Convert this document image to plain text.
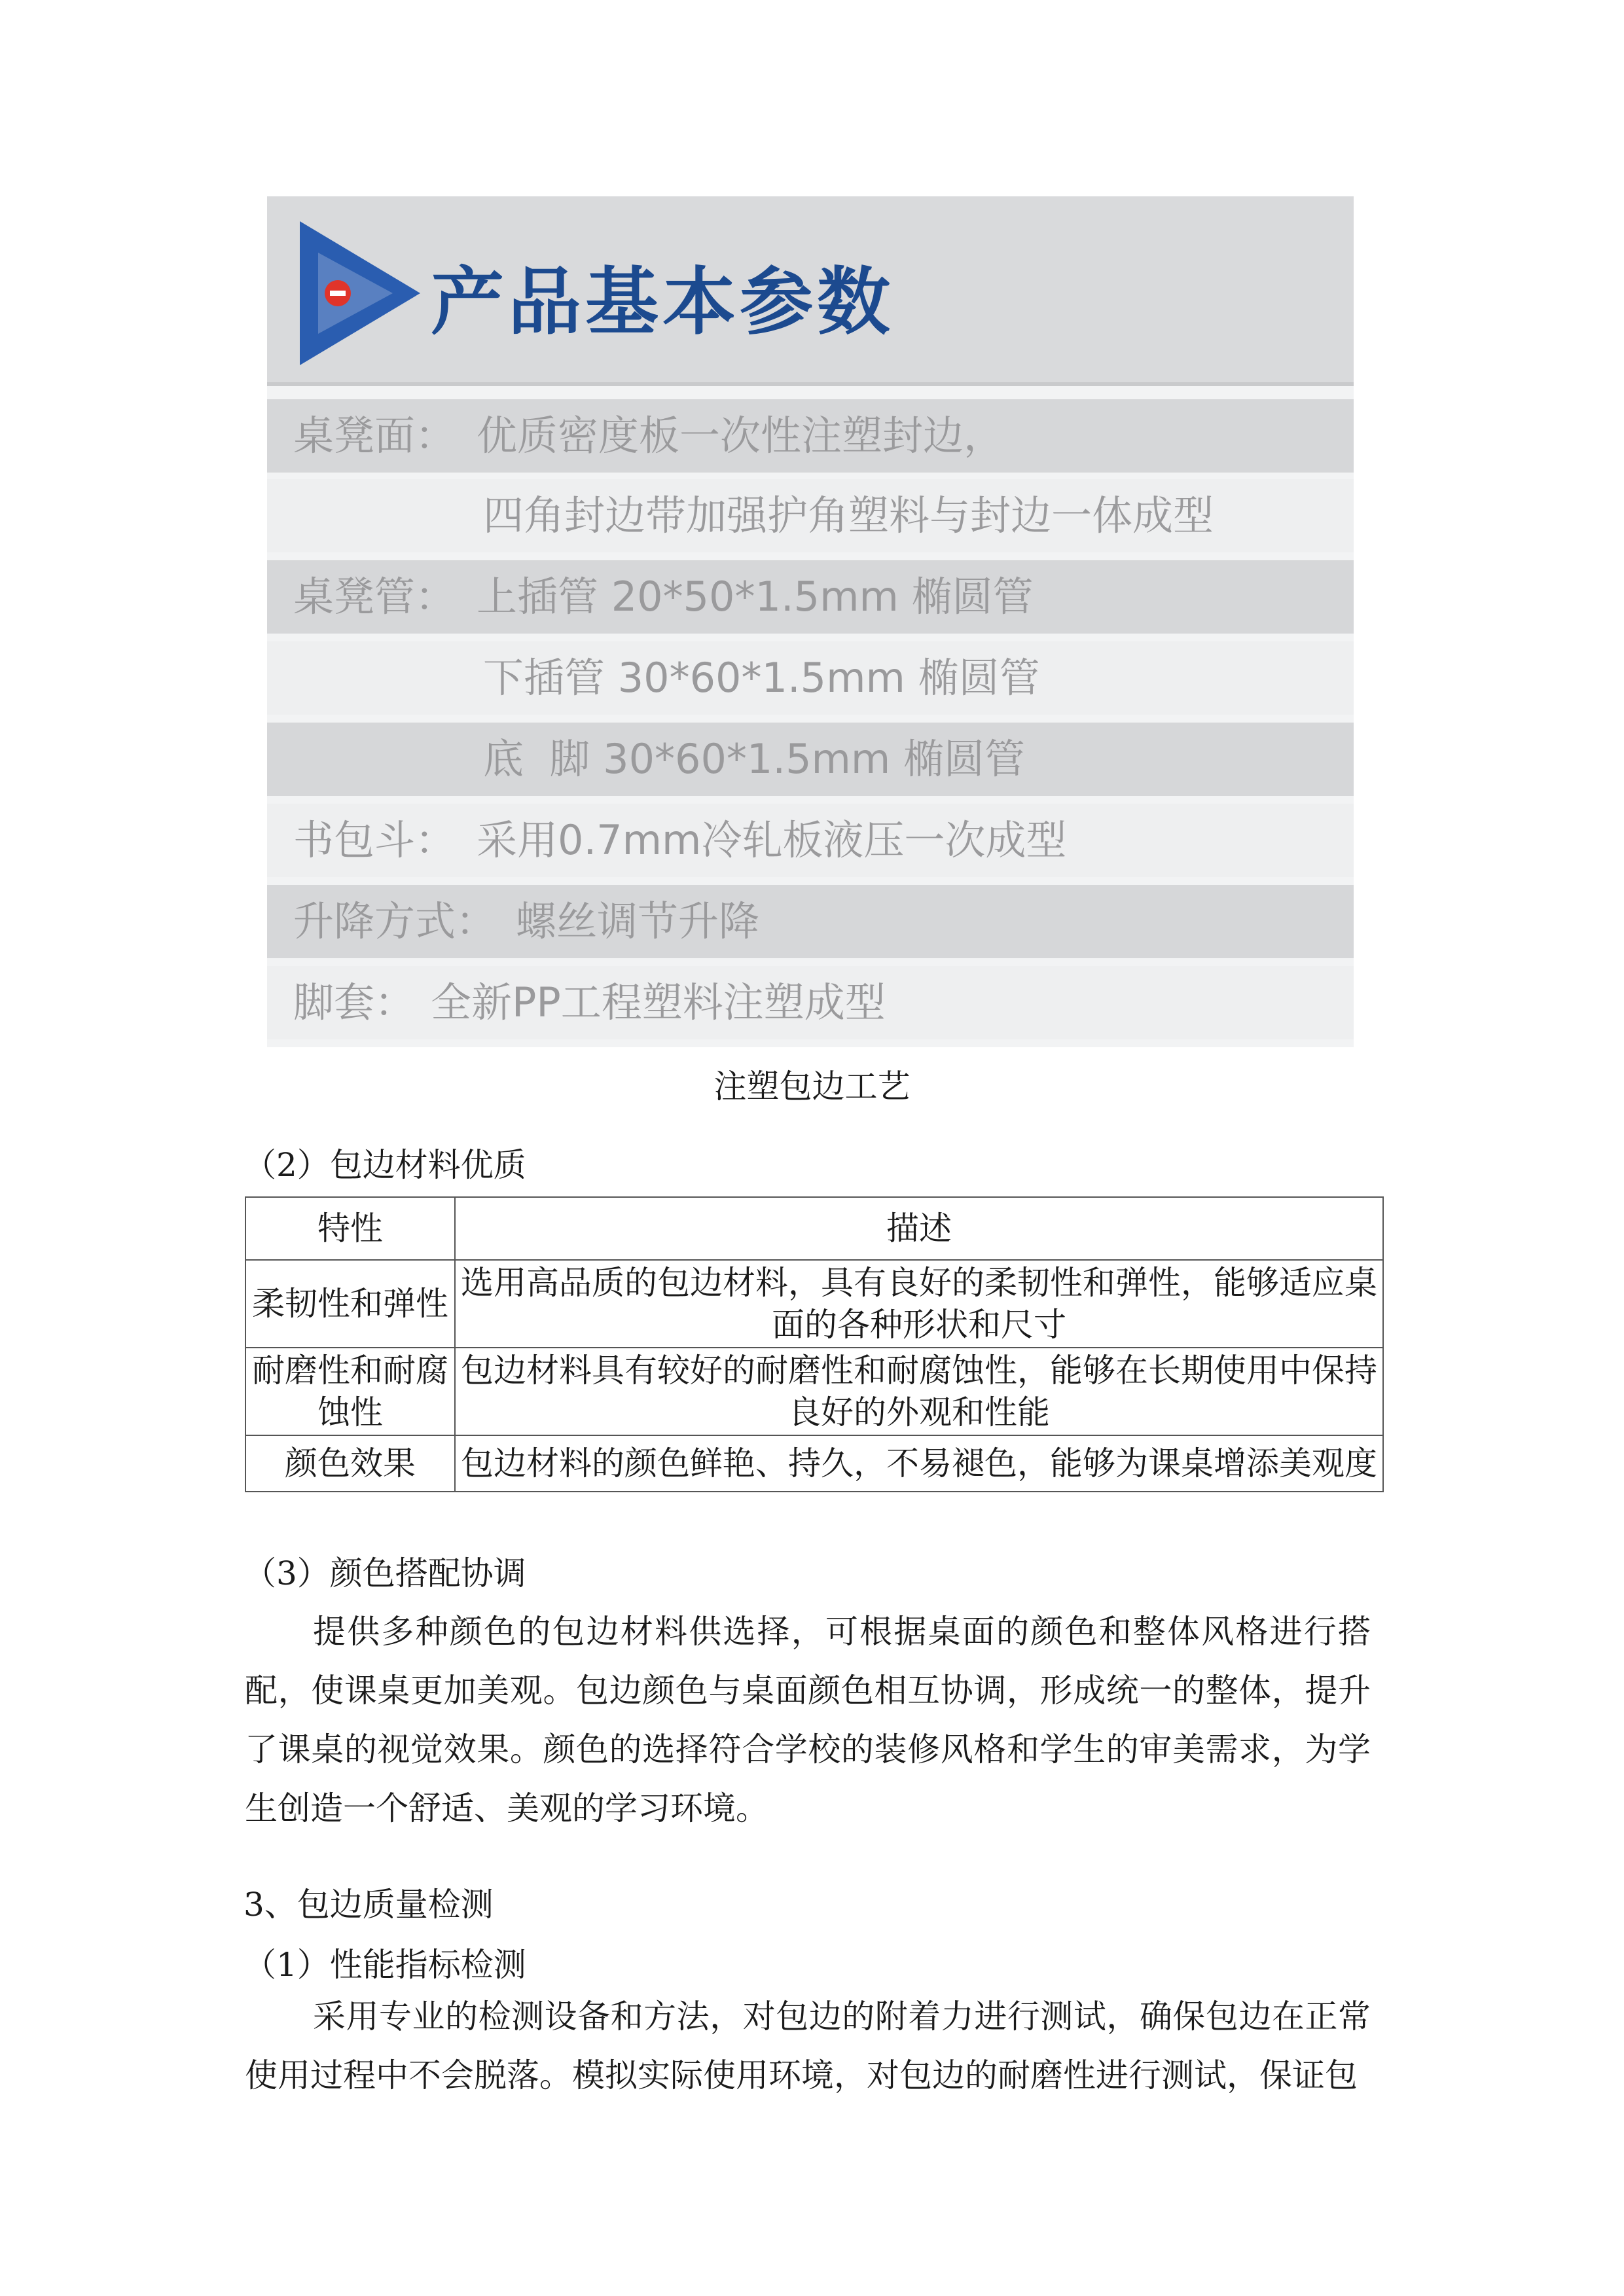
产品基本参数
桌凳面： 优质密度板一次性注塑封边，
四角封边带加强护角塑料与封边一体成型
桌凳管： 上插管 20*50*1.5mm 椭圆管
下插管 30*60*1.5mm 椭圆管
底  脚 30*60*1.5mm 椭圆管
书包斗： 采用0.7mm冷轧板液压一次成型
升降方式： 螺丝调节升降
脚套： 全新PP工程塑料注塑成型
注塑包边工艺
（2）包边材料优质
特性	描述
柔韧性和弹性	选用高品质的包边材料，具有良好的柔韧性和弹性，能够适应桌面的各种形状和尺寸
耐磨性和耐腐蚀性	包边材料具有较好的耐磨性和耐腐蚀性，能够在长期使用中保持良好的外观和性能
颜色效果	包边材料的颜色鲜艳、持久，不易褪色，能够为课桌增添美观度
（3）颜色搭配协调
提供多种颜色的包边材料供选择，可根据桌面的颜色和整体风格进行搭配，使课桌更加美观。包边颜色与桌面颜色相互协调，形成统一的整体，提升了课桌的视觉效果。颜色的选择符合学校的装修风格和学生的审美需求，为学生创造一个舒适、美观的学习环境。
3、包边质量检测
（1）性能指标检测
采用专业的检测设备和方法，对包边的附着力进行测试，确保包边在正常使用过程中不会脱落。模拟实际使用环境，对包边的耐磨性进行测试，保证包
